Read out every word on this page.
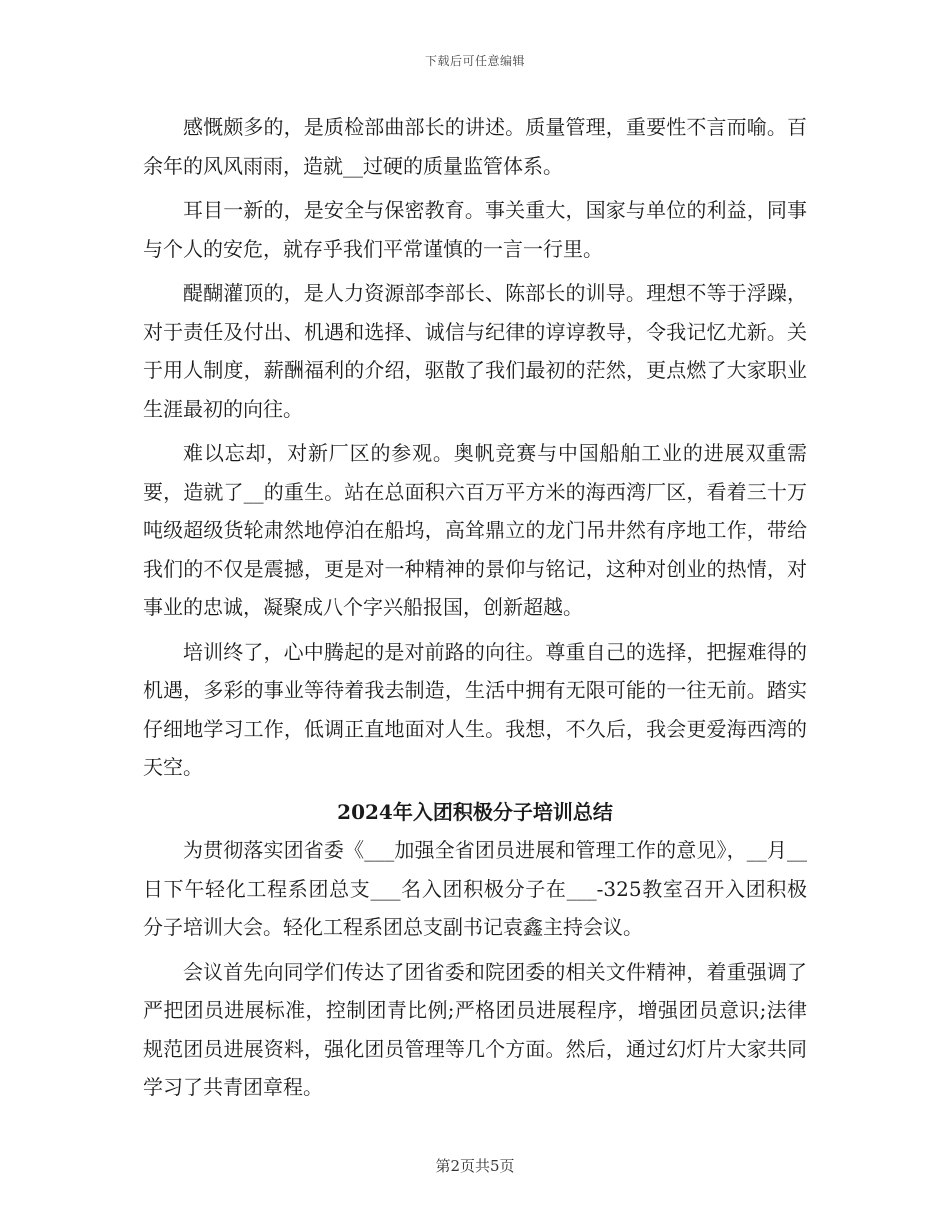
下载后可任意编辑

感慨颇多的，是质检部曲部长的讲述。质量管理，重要性不言而喻。百余年的风风雨雨，造就__过硬的质量监管体系。

耳目一新的，是安全与保密教育。事关重大，国家与单位的利益，同事与个人的安危，就存乎我们平常谨慎的一言一行里。

醍醐灌顶的，是人力资源部李部长、陈部长的训导。理想不等于浮躁，对于责任及付出、机遇和选择、诚信与纪律的谆谆教导，令我记忆尤新。关于用人制度，薪酬福利的介绍，驱散了我们最初的茫然，更点燃了大家职业生涯最初的向往。

难以忘却，对新厂区的参观。奥帆竞赛与中国船舶工业的进展双重需要，造就了__的重生。站在总面积六百万平方米的海西湾厂区，看着三十万吨级超级货轮肃然地停泊在船坞，高耸鼎立的龙门吊井然有序地工作，带给我们的不仅是震撼，更是对一种精神的景仰与铭记，这种对创业的热情，对事业的忠诚，凝聚成八个字兴船报国，创新超越。

培训终了，心中腾起的是对前路的向往。尊重自己的选择，把握难得的机遇，多彩的事业等待着我去制造，生活中拥有无限可能的一往无前。踏实仔细地学习工作，低调正直地面对人生。我想，不久后，我会更爱海西湾的天空。

2024年入团积极分子培训总结

为贯彻落实团省委《___加强全省团员进展和管理工作的意见》，__月__日下午轻化工程系团总支___名入团积极分子在___-325教室召开入团积极分子培训大会。轻化工程系团总支副书记袁鑫主持会议。

会议首先向同学们传达了团省委和院团委的相关文件精神，着重强调了严把团员进展标准，控制团青比例;严格团员进展程序，增强团员意识;法律规范团员进展资料，强化团员管理等几个方面。然后，通过幻灯片大家共同学习了共青团章程。

第2页共5页
